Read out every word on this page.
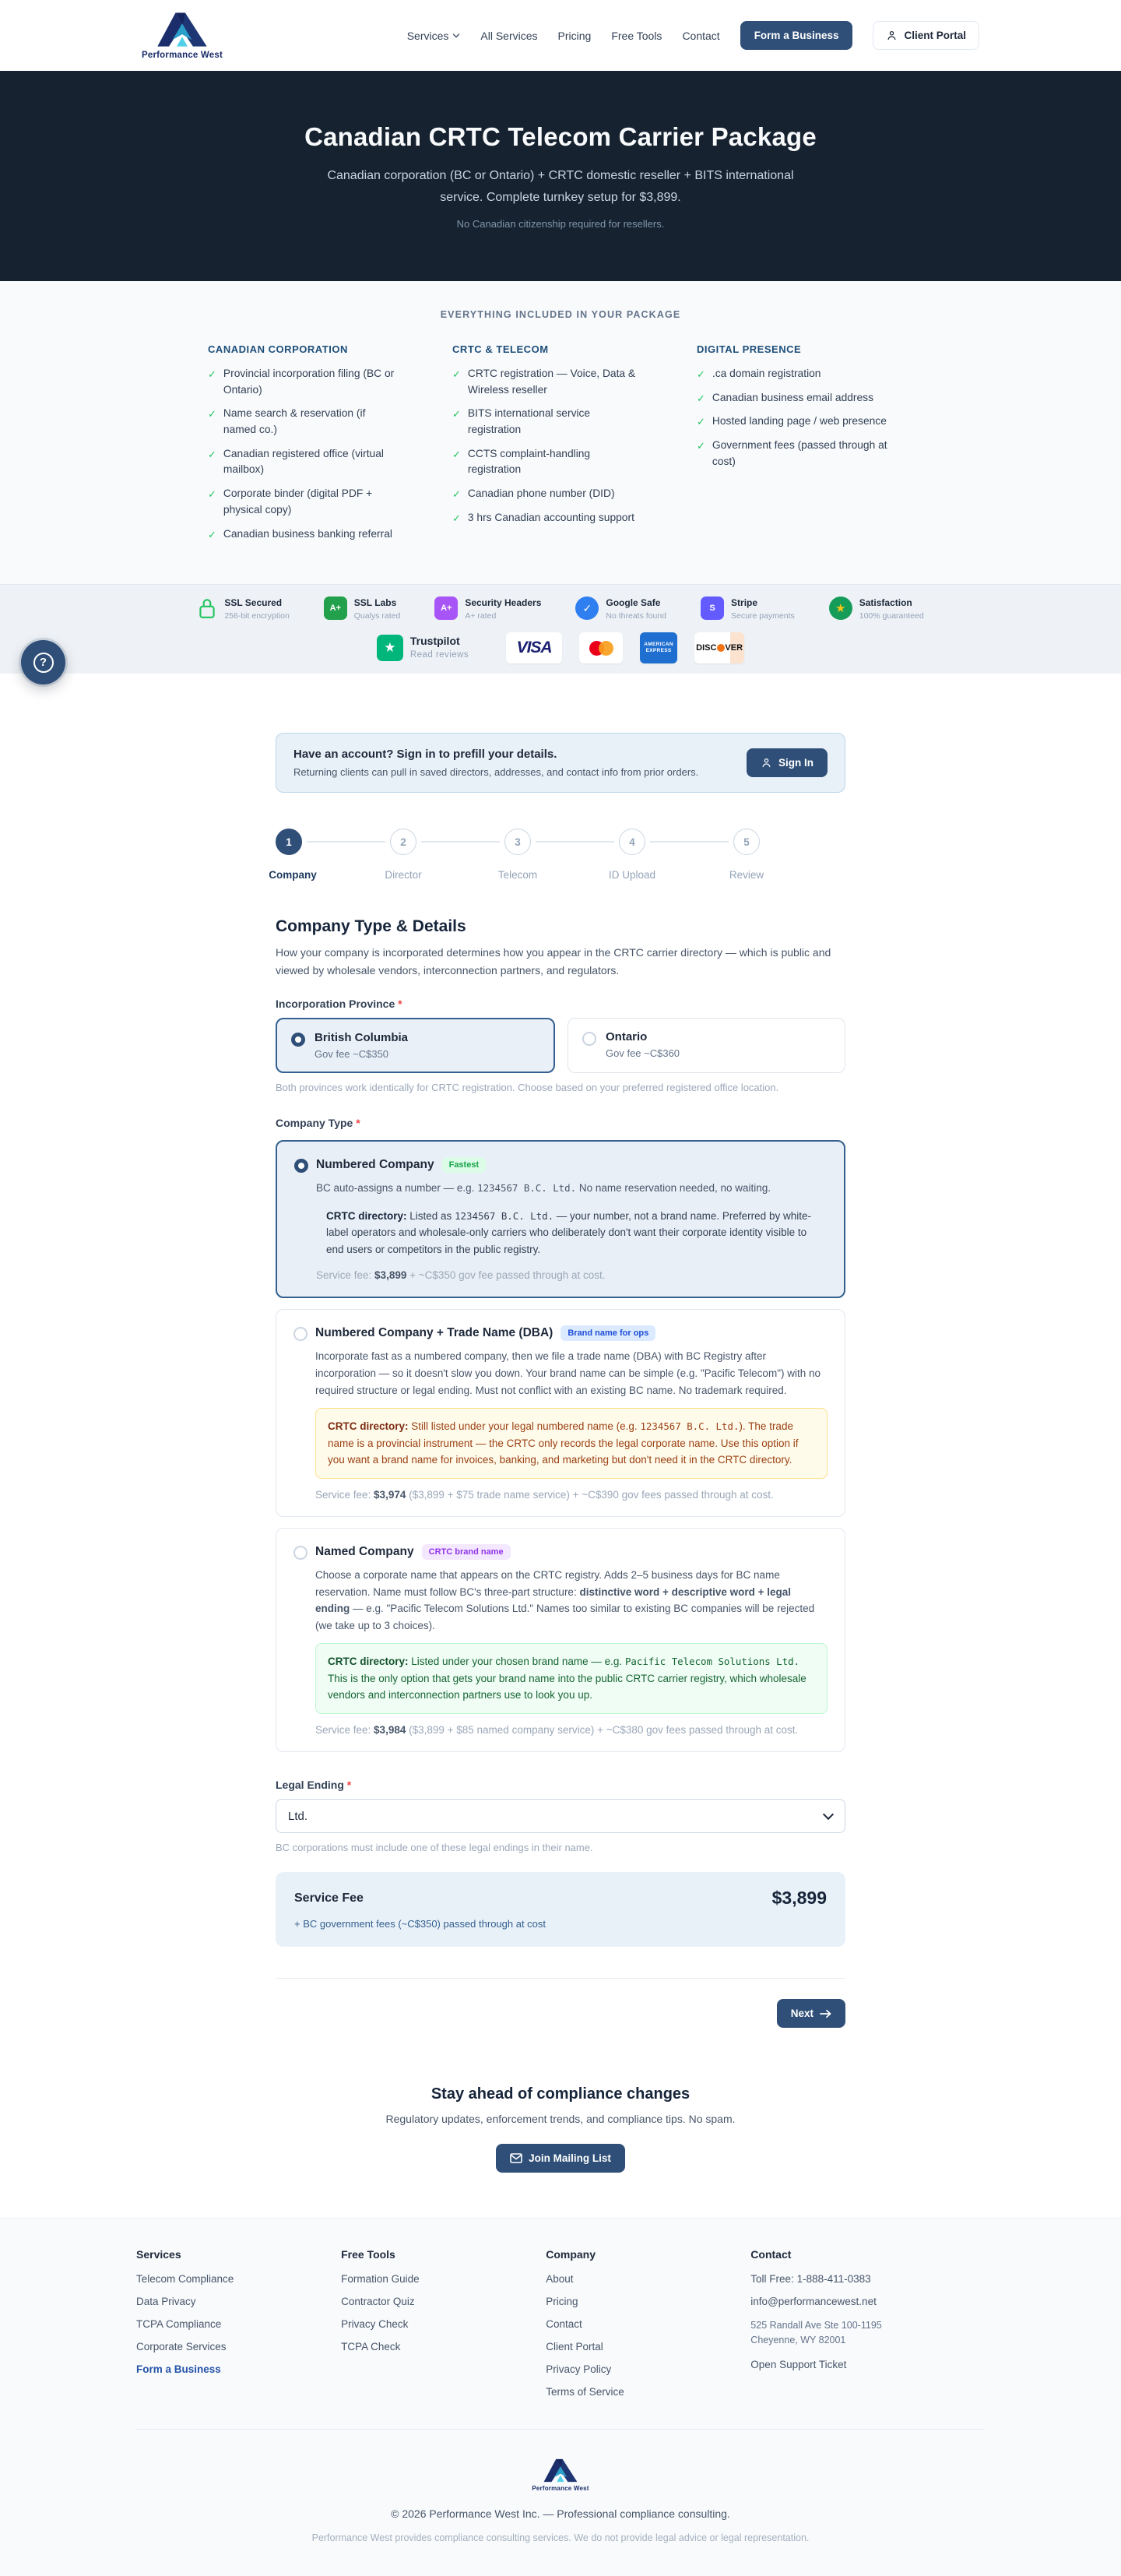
Performance West
Services	All Services Pricing Free Tools Contact	Form a Business	Client Portal
Canadian CRTC Telecom Carrier Package

Canadian corporation (BC or Ontario) + CRTC domestic reseller + BITS international service. Complete turnkey setup for $3,899.

No Canadian citizenship required for resellers.

EVERYTHING INCLUDED IN YOUR PACKAGE
CANADIAN CORPORATION
✓
Provincial incorporation filing (BC or Ontario)
✓
Name search & reservation (if named co.)
✓
Canadian registered office (virtual mailbox)
✓
Corporate binder (digital PDF + physical copy)
✓
Canadian business banking referral
CRTC & TELECOM
✓
CRTC registration — Voice, Data & Wireless reseller
✓
BITS international service registration
✓
CCTS complaint-handling registration
✓
Canadian phone number (DID)
✓
3 hrs Canadian accounting support
DIGITAL PRESENCE
✓
.ca domain registration
✓
Canadian business email address
✓
Hosted landing page / web presence
✓
Government fees (passed through at cost)
SSL Secured
256-bit encryption
A+	SSL Labs
Qualys rated
A+	Security Headers
A+ rated
✓
Google Safe
No threats found
S	Stripe
Secure payments
★
Satisfaction
100% guaranteed
★
Trustpilot
Read reviews	VISA	AMERICAN
EXPRESS	DISC VER
?
Have an account? Sign in to prefill your details.
Returning clients can pull in saved directors, addresses, and contact info from prior orders.
Sign In
1	2	3	4	5
Company	Director	Telecom	ID Upload	Review
Company Type & Details

How your company is incorporated determines how you appear in the CRTC carrier directory — which is public and viewed by wholesale vendors, interconnection partners, and regulators.

Incorporation Province *
British Columbia
Gov fee ~C$350
Ontario
Gov fee ~C$360

Both provinces work identically for CRTC registration. Choose based on your preferred registered office location.

Company Type *
Numbered Company	Fastest

BC auto-assigns a number — e.g. 1234567 B.C. Ltd. No name reservation needed, no waiting.

CRTC directory: Listed as 1234567 B.C. Ltd. — your number, not a brand name. Preferred by white-label operators and wholesale-only carriers who deliberately don't want their corporate identity visible to end users or competitors in the public registry.

Service fee: $3,899 + ~C$350 gov fee passed through at cost.

Numbered Company + Trade Name (DBA)	Brand name for ops

Incorporate fast as a numbered company, then we file a trade name (DBA) with BC Registry after incorporation — so it doesn't slow you down. Your brand name can be simple (e.g. "Pacific Telecom") with no required structure or legal ending. Must not conflict with an existing BC name. No trademark required.

CRTC directory: Still listed under your legal numbered name (e.g. 1234567 B.C. Ltd.). The trade name is a provincial instrument — the CRTC only records the legal corporate name. Use this option if you want a brand name for invoices, banking, and marketing but don't need it in the CRTC directory.

Service fee: $3,974 ($3,899 + $75 trade name service) + ~C$390 gov fees passed through at cost.

Named Company	CRTC brand name

Choose a corporate name that appears on the CRTC registry. Adds 2–5 business days for BC name reservation. Name must follow BC's three-part structure: distinctive word + descriptive word + legal ending — e.g. "Pacific Telecom Solutions Ltd." Names too similar to existing BC companies will be rejected (we take up to 3 choices).

CRTC directory: Listed under your chosen brand name — e.g. Pacific Telecom Solutions Ltd. This is the only option that gets your brand name into the public CRTC carrier registry, which wholesale vendors and interconnection partners use to look you up.

Service fee: $3,984 ($3,899 + $85 named company service) + ~C$380 gov fees passed through at cost.

Legal Ending *
Ltd.

BC corporations must include one of these legal endings in their name.

Service Fee	$3,899
+ BC government fees (~C$350) passed through at cost
Next
Stay ahead of compliance changes
Regulatory updates, enforcement trends, and compliance tips. No spam.
Join Mailing List
Services
Telecom Compliance
Data Privacy
TCPA Compliance
Corporate Services
Form a Business
Free Tools
Formation Guide
Contractor Quiz
Privacy Check
TCPA Check
Company
About
Pricing
Contact
Client Portal
Privacy Policy
Terms of Service
Contact
Toll Free: 1-888-411-0383
info@performancewest.net
525 Randall Ave Ste 100-1195
Cheyenne, WY 82001
Open Support Ticket
Performance West
© 2026 Performance West Inc. — Professional compliance consulting.
Performance West provides compliance consulting services. We do not provide legal advice or legal representation.
